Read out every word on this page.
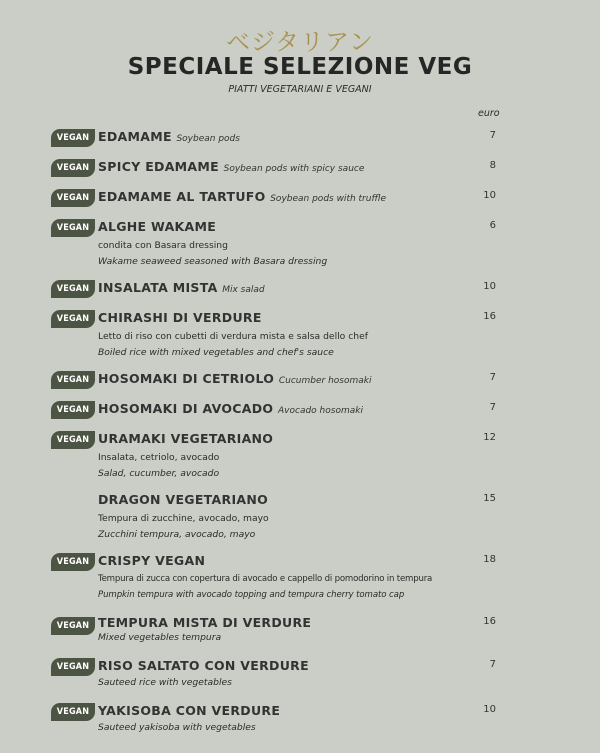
ベジタリアン
SPECIALE SELEZIONE VEG
PIATTI VEGETARIANI E VEGANI
euro
VEGAN EDAMAME Soybean pods	7
VEGAN SPICY EDAMAME Soybean pods with spicy sauce	8
VEGAN EDAMAME AL TARTUFO Soybean pods with truffle	10
VEGAN ALGHE WAKAME	6
condita con Basara dressing
Wakame seaweed seasoned with Basara dressing
VEGAN INSALATA MISTA Mix salad	10
VEGAN CHIRASHI DI VERDURE	16
Letto di riso con cubetti di verdura mista e salsa dello chef
Boiled rice with mixed vegetables and chef's sauce
VEGAN HOSOMAKI DI CETRIOLO Cucumber hosomaki	7
VEGAN HOSOMAKI DI AVOCADO Avocado hosomaki	7
VEGAN URAMAKI VEGETARIANO	12
Insalata, cetriolo, avocado
Salad, cucumber, avocado
DRAGON VEGETARIANO	15
Tempura di zucchine, avocado, mayo
Zucchini tempura, avocado, mayo
VEGAN CRISPY VEGAN	18
Tempura di zucca con copertura di avocado e cappello di pomodorino in tempura
Pumpkin tempura with avocado topping and tempura cherry tomato cap
VEGAN TEMPURA MISTA DI VERDURE	16
Mixed vegetables tempura
VEGAN RISO SALTATO CON VERDURE	7
Sauteed rice with vegetables
VEGAN YAKISOBA CON VERDURE	10
Sauteed yakisoba with vegetables
